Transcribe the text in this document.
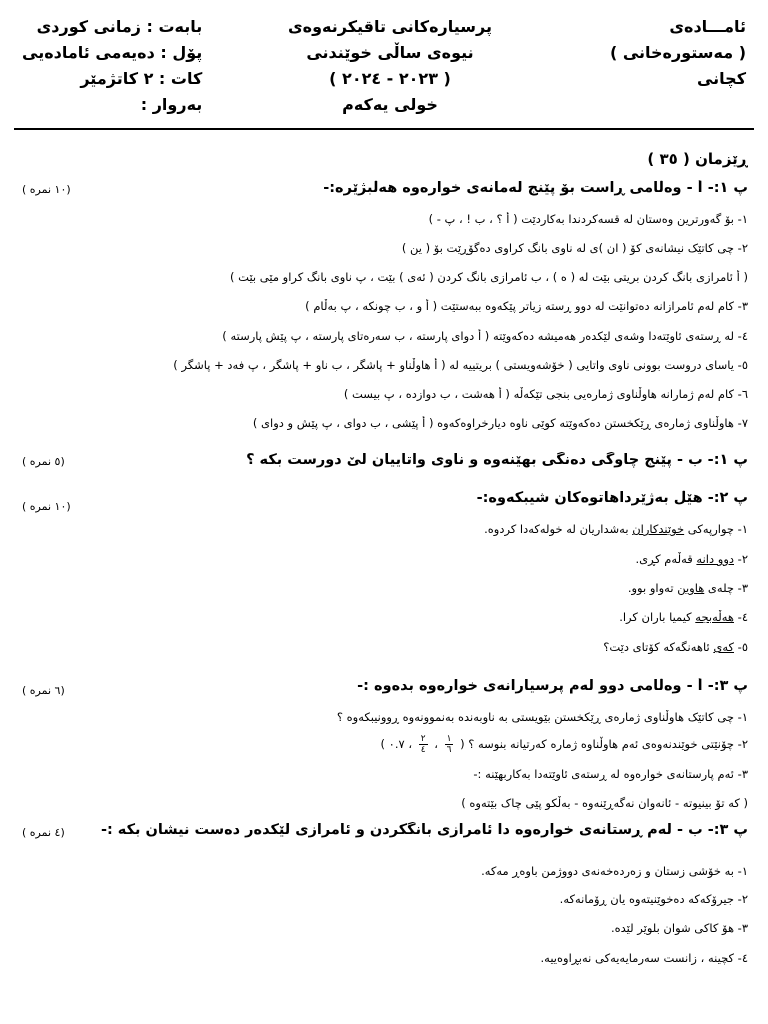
ئامـــادەی
( مەستورەخانی )
کچانی
پرسیارەکانی تاقیکرنەوەی
نیوەی ساڵی خوێندنی
( ٢٠٢٣ - ٢٠٢٤ )
خولی یەکەم
بابەت : زمانی کوردی
پۆل : دەیەمی ئامادەیی
کات : ٢ کاتژمێر
بەروار :
ڕێزمان ( ٣٥ )
پ ١:- أ - وەڵامی ڕاست بۆ پێنج لەمانەی خوارەوە هەڵبژێرە:-
(١٠ نمرە )
١- بۆ گەورترین وەستان لە قسەکردندا بەکاردێت ( أ ؟ ، ب ! ، پ - )
٢- چی کاتێک نیشانەی کۆ ( ان )ی لە ناوی بانگ کراوی دەگۆڕێت بۆ ( ین )
( أ ئامرازی بانگ کردن بریتی بێت لە ( ە ) ، ب ئامرازی بانگ کردن ( ئەی ) بێت ، پ ناوی بانگ کراو مێی بێت )
٣- کام لەم ئامرازانە دەتوانێت لە دوو ڕستە زیاتر پێکەوە ببەستێت ( أ و ، ب چونکە ، پ بەڵام )
٤- لە ڕستەی ئاوێتەدا وشەی لێکدەر هەمیشە دەکەوێتە ( أ دوای پارستە ، ب سەرەتای پارستە ، پ پێش پارستە )
٥- یاسای دروست بوونی ناوی واتایی ( خۆشەویستی ) بریتییە لە ( أ هاوڵناو + پاشگر ، ب ناو + پاشگر ، پ فەد + پاشگر )
٦- کام لەم ژمارانە هاوڵناوی ژمارەیی بنجی تێکەڵە ( أ هەشت ، ب دوازدە ، پ بیست )
٧- هاوڵناوی ژمارەی ڕێکخستن دەکەوێتە کوێی ناوە دیارخراوەکەوە ( أ پێشی ، ب دوای ، پ پێش و دوای )
پ ١:- ب - پێنج چاوگی دەنگی بهێنەوە و ناوی واتاییان لێ دورست بکە ؟
(٥ نمرە )
پ ٢:- هێڵ بەژێرداهاتوەکان شیبکەوە:-
(١٠ نمرە )
١- چوارپەکی خوێندکاران بەشداریان لە خولەکەدا کردوە.
٢- دوو دانە قەڵەم کڕی.
٣- چلەی هاوین تەواو بوو.
٤- هەڵەبجە کیمیا باران کرا.
٥- کەی ئاهەنگەکە کۆتای دێت؟
پ ٣:- أ - وەڵامی دوو لەم پرسیارانەی خوارەوە بدەوە :-
(٦ نمرە )
١- چی کاتێک هاوڵناوی ژمارەی ڕێکخستن بێویستی بە ناوبەندە بەنموونەوە ڕوونیبکەوە ؟
٢- چۆنێتی خوێندنەوەی ئەم هاوڵناوە ژمارە کەرتیانە بنوسە ؟ (
$\frac{١}{٦}$
،
$\frac{٢}{٤}$
، ٠.٧ )
٣- ئەم پارستانەی خوارەوە لە ڕستەی ئاوێتەدا بەکاربهێنە :-
( کە تۆ بینیوتە - ئانەوان نەگەڕێنەوە - بەڵکو پێی چاک بێتەوە )
پ ٣:- ب - لەم ڕستانەی خوارەوە دا ئامرازی بانگکردن و ئامرازی لێکدەر دەست نیشان بکە :-
(٤ نمرە )
١- بە خۆشی زستان و زەردەخەنەی دووژمن باوەڕ مەکە.
٢- جیرۆکەکە دەخوێنیتەوە یان ڕۆمانەکە.
٣- هۆ کاکی شوان بلوێر لێدە.
٤- کچینە ، زانست سەرمایەیەکی نەبڕاوەییە.
